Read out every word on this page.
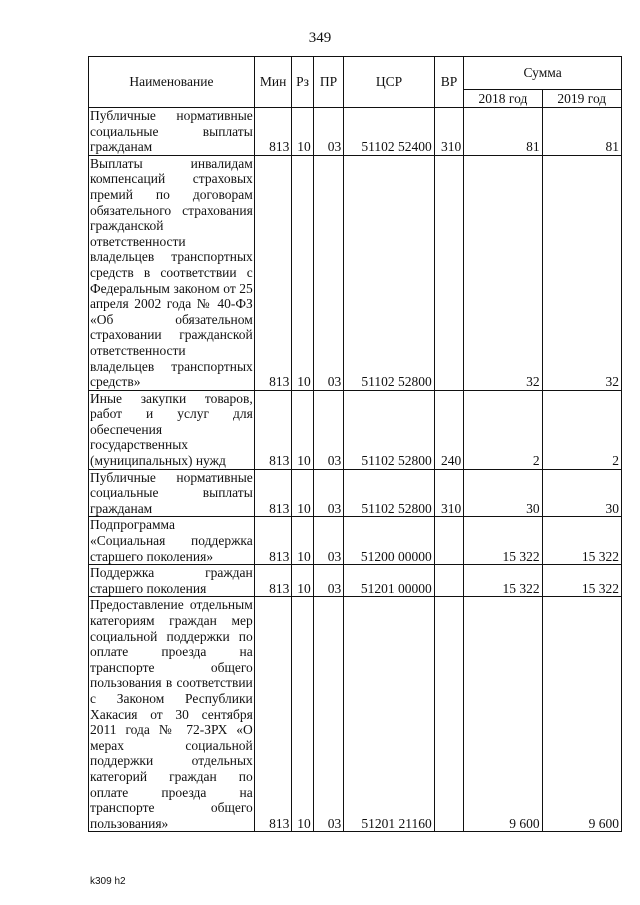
349
Наименование	Мин	Рз	ПР	ЦСР	ВР	Сумма	
						2018 год	2019 год
Публичные нормативные социальные выплаты гражданам	813	10	03	51102 52400	310	81	81
Выплаты инвалидам компенсаций страховых премий по договорам обязательного страхования гражданской ответственности владельцев транспортных средств в соответствии с Федеральным законом от 25 апреля 2002 года № 40-ФЗ «Об обязательном страховании гражданской ответственности владельцев транспортных средств»	813	10	03	51102 52800		32	32
Иные закупки товаров, работ и услуг для обеспечения государственных (муниципальных) нужд	813	10	03	51102 52800	240	2	2
Публичные нормативные социальные выплаты гражданам	813	10	03	51102 52800	310	30	30
Подпрограмма «Социальная поддержка старшего поколения»	813	10	03	51200 00000		15 322	15 322
Поддержка граждан старшего поколения	813	10	03	51201 00000		15 322	15 322
Предоставление отдельным категориям граждан мер социальной поддержки по оплате проезда на транспорте общего пользования в соответствии с Законом Республики Хакасия от 30 сентября 2011 года № 72-ЗРХ «О мерах социальной поддержки отдельных категорий граждан по оплате проезда на транспорте общего пользования»	813	10	03	51201 21160		9 600	9 600
k309 h2
